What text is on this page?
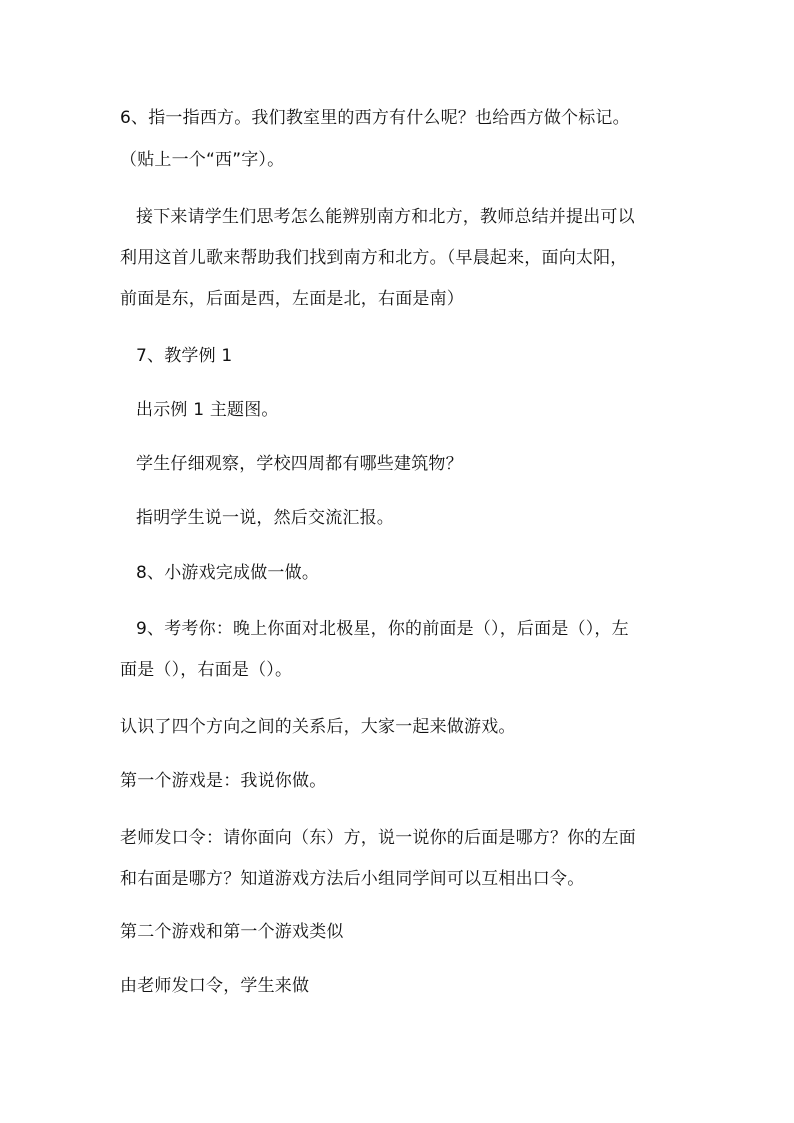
6、指一指西方。我们教室里的西方有什么呢？也给西方做个标记。
（贴上一个“西”字）。
接下来请学生们思考怎么能辨别南方和北方，教师总结并提出可以
利用这首儿歌来帮助我们找到南方和北方。（早晨起来，面向太阳，
前面是东，后面是西，左面是北，右面是南）
7、教学例 1
出示例 1 主题图。
学生仔细观察，学校四周都有哪些建筑物？
指明学生说一说，然后交流汇报。
8、小游戏完成做一做。
9、考考你：晚上你面对北极星，你的前面是（），后面是（），左
面是（），右面是（）。
认识了四个方向之间的关系后，大家一起来做游戏。
第一个游戏是：我说你做。
老师发口令：请你面向（东）方，说一说你的后面是哪方？你的左面
和右面是哪方？知道游戏方法后小组同学间可以互相出口令。
第二个游戏和第一个游戏类似
由老师发口令，学生来做
